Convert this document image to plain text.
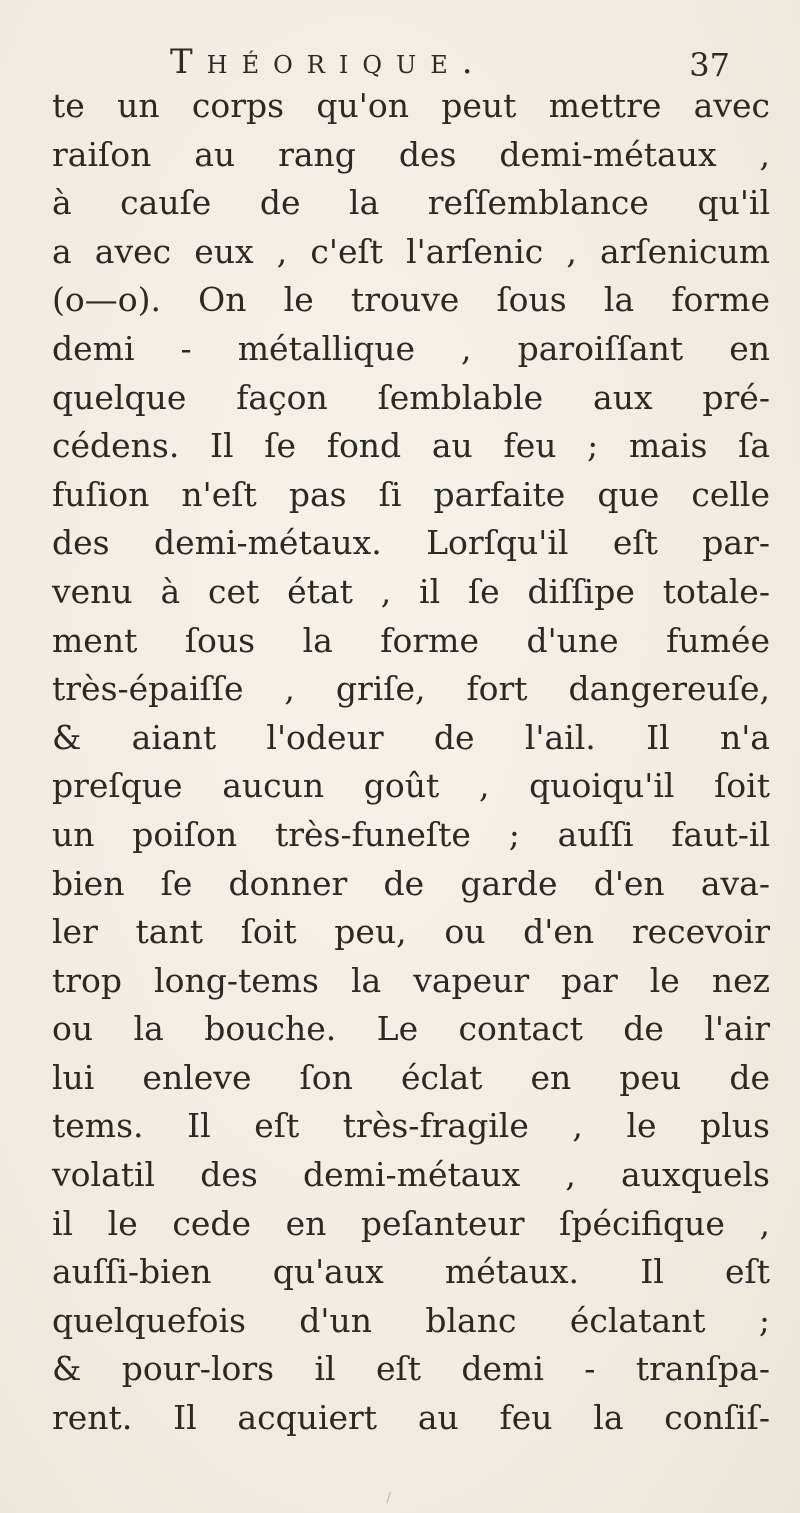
Théorique.	37
te un corps qu'on peut mettre avec
raiſon au rang des demi-métaux ,
à cauſe de la reſſemblance qu'il
a avec eux , c'eſt l'arſenic , arſenicum
(o—o). On le trouve ſous la forme
demi - métallique , paroiſſant en
quelque façon ſemblable aux pré-
cédens. Il ſe fond au feu ; mais ſa
fuſion n'eſt pas ſi parfaite que celle
des demi-métaux. Lorſqu'il eſt par-
venu à cet état , il ſe diſſipe totale-
ment ſous la forme d'une fumée
très-épaiſſe , griſe, fort dangereuſe,
& aiant l'odeur de l'ail. Il n'a
preſque aucun goût , quoiqu'il ſoit
un poiſon très-funeſte ; auſſi faut-il
bien ſe donner de garde d'en ava-
ler tant ſoit peu, ou d'en recevoir
trop long-tems la vapeur par le nez
ou la bouche. Le contact de l'air
lui enleve ſon éclat en peu de
tems. Il eſt très-fragile , le plus
volatil des demi-métaux , auxquels
il le cede en peſanteur ſpécifique ,
auſſi-bien qu'aux métaux. Il eſt
quelquefois d'un blanc éclatant ;
& pour-lors il eſt demi - tranſpa-
rent. Il acquiert au feu la conſiſ-
